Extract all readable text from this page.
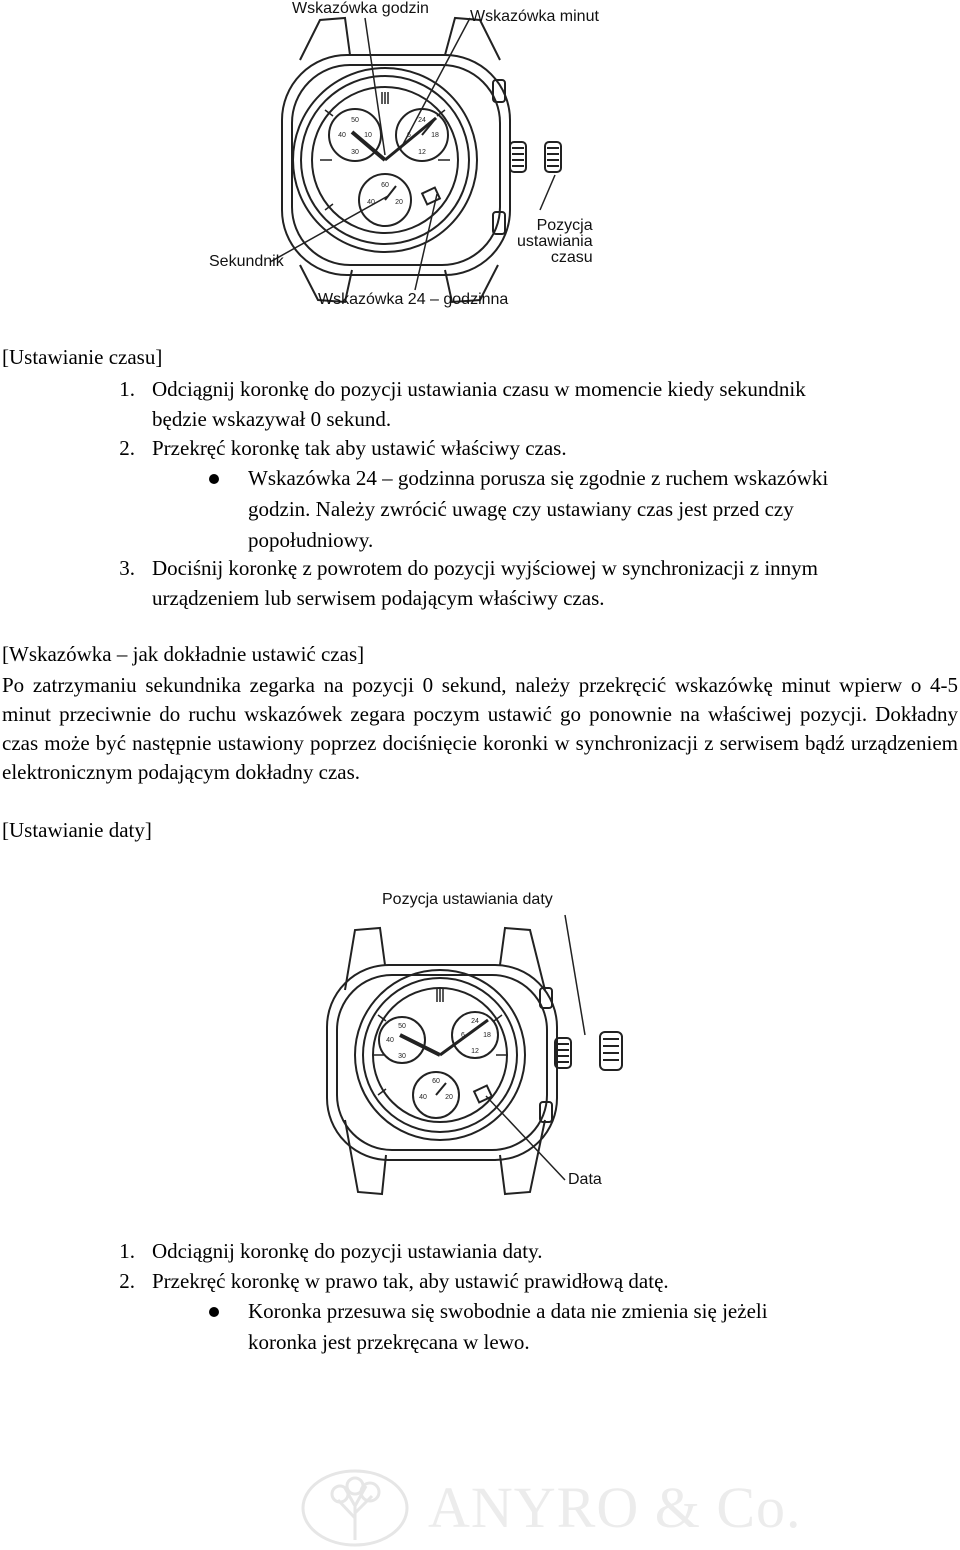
40
50
10
30
24
6	18
12
60
40	20
Wskazówka godzin	Wskazówka minut
Pozycja
ustawiania
czasu
Sekundnik
Wskazówka 24 – godzinna
[Ustawianie czasu]
1. Odciągnij koronkę do pozycji ustawiania czasu w momencie kiedy sekundnik
będzie wskazywał 0 sekund.
2. Przekręć koronkę tak aby ustawić właściwy czas.
Wskazówka 24 – godzinna porusza się zgodnie z ruchem wskazówki
godzin. Należy zwrócić uwagę czy ustawiany czas jest przed czy
popołudniowy.
3. Dociśnij koronkę z powrotem do pozycji wyjściowej w synchronizacji z innym
urządzeniem lub serwisem podającym właściwy czas.
[Wskazówka – jak dokładnie ustawić czas]
Po zatrzymaniu sekundnika zegarka na pozycji 0 sekund, należy przekręcić wskazówkę minut wpierw o 4-5 minut przeciwnie do ruchu wskazówek zegara poczym ustawić go ponownie na właściwej pozycji. Dokładny czas może być następnie ustawiony poprzez dociśnięcie koronki w synchronizacji z serwisem bądź urządzeniem elektronicznym podającym dokładny czas.
[Ustawianie daty]
40
50
30
24
6	18
12
60
40	20
Pozycja ustawiania daty
Data
1. Odciągnij koronkę do pozycji ustawiania daty.
2. Przekręć koronkę w prawo tak, aby ustawić prawidłową datę.
Koronka przesuwa się swobodnie a data nie zmienia się jeżeli
koronka jest przekręcana w lewo.
ANYRO & Co.
